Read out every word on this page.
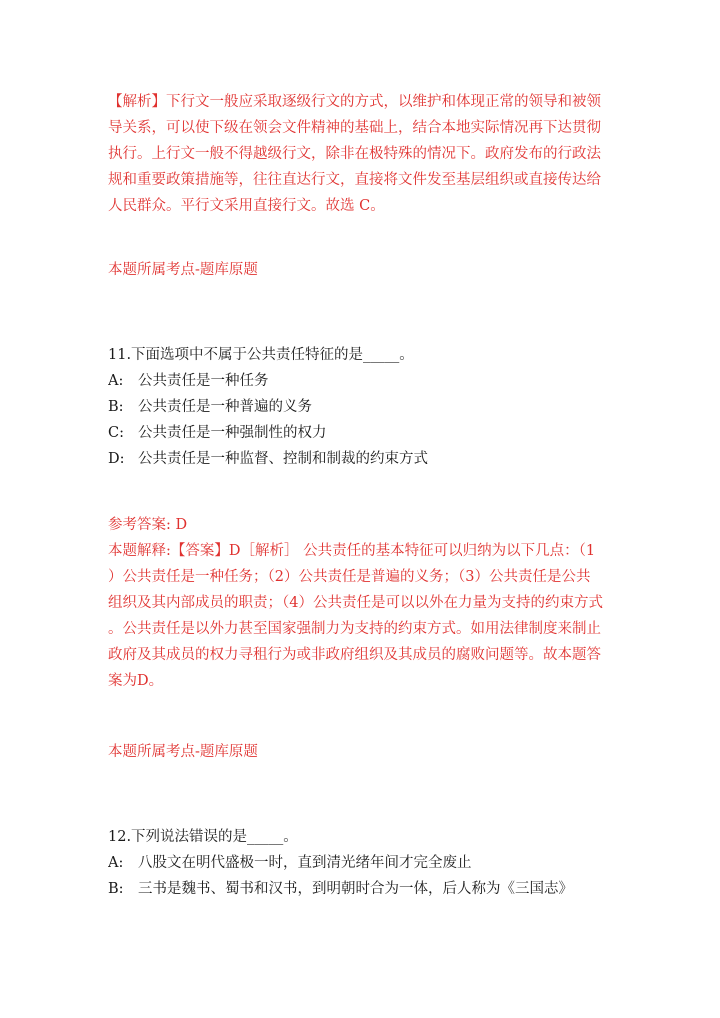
【解析】下行文一般应采取逐级行文的方式，以维护和体现正常的领导和被领
导关系，可以使下级在领会文件精神的基础上，结合本地实际情况再下达贯彻
执行。上行文一般不得越级行文，除非在极特殊的情况下。政府发布的行政法
规和重要政策措施等，往往直达行文，直接将文件发至基层组织或直接传达给
人民群众。平行文采用直接行文。故选 C。
本题所属考点-题库原题
11.下面选项中不属于公共责任特征的是_____。
A:	公共责任是一种任务
B: 公共责任是一种普遍的义务
C: 公共责任是一种强制性的权力
D: 公共责任是一种监督、控制和制裁的约束方式
参考答案: D
本题解释:【答案】D［解析］ 公共责任的基本特征可以归纳为以下几点：（1
）公共责任是一种任务；（2）公共责任是普遍的义务；（3）公共责任是公共
组织及其内部成员的职责；（4）公共责任是可以以外在力量为支持的约束方式
。公共责任是以外力甚至国家强制力为支持的约束方式。如用法律制度来制止
政府及其成员的权力寻租行为或非政府组织及其成员的腐败问题等。故本题答
案为D。
本题所属考点-题库原题
12.下列说法错误的是_____。
A:	八股文在明代盛极一时，直到清光绪年间才完全废止
B: 三书是魏书、蜀书和汉书，到明朝时合为一体，后人称为《三国志》
